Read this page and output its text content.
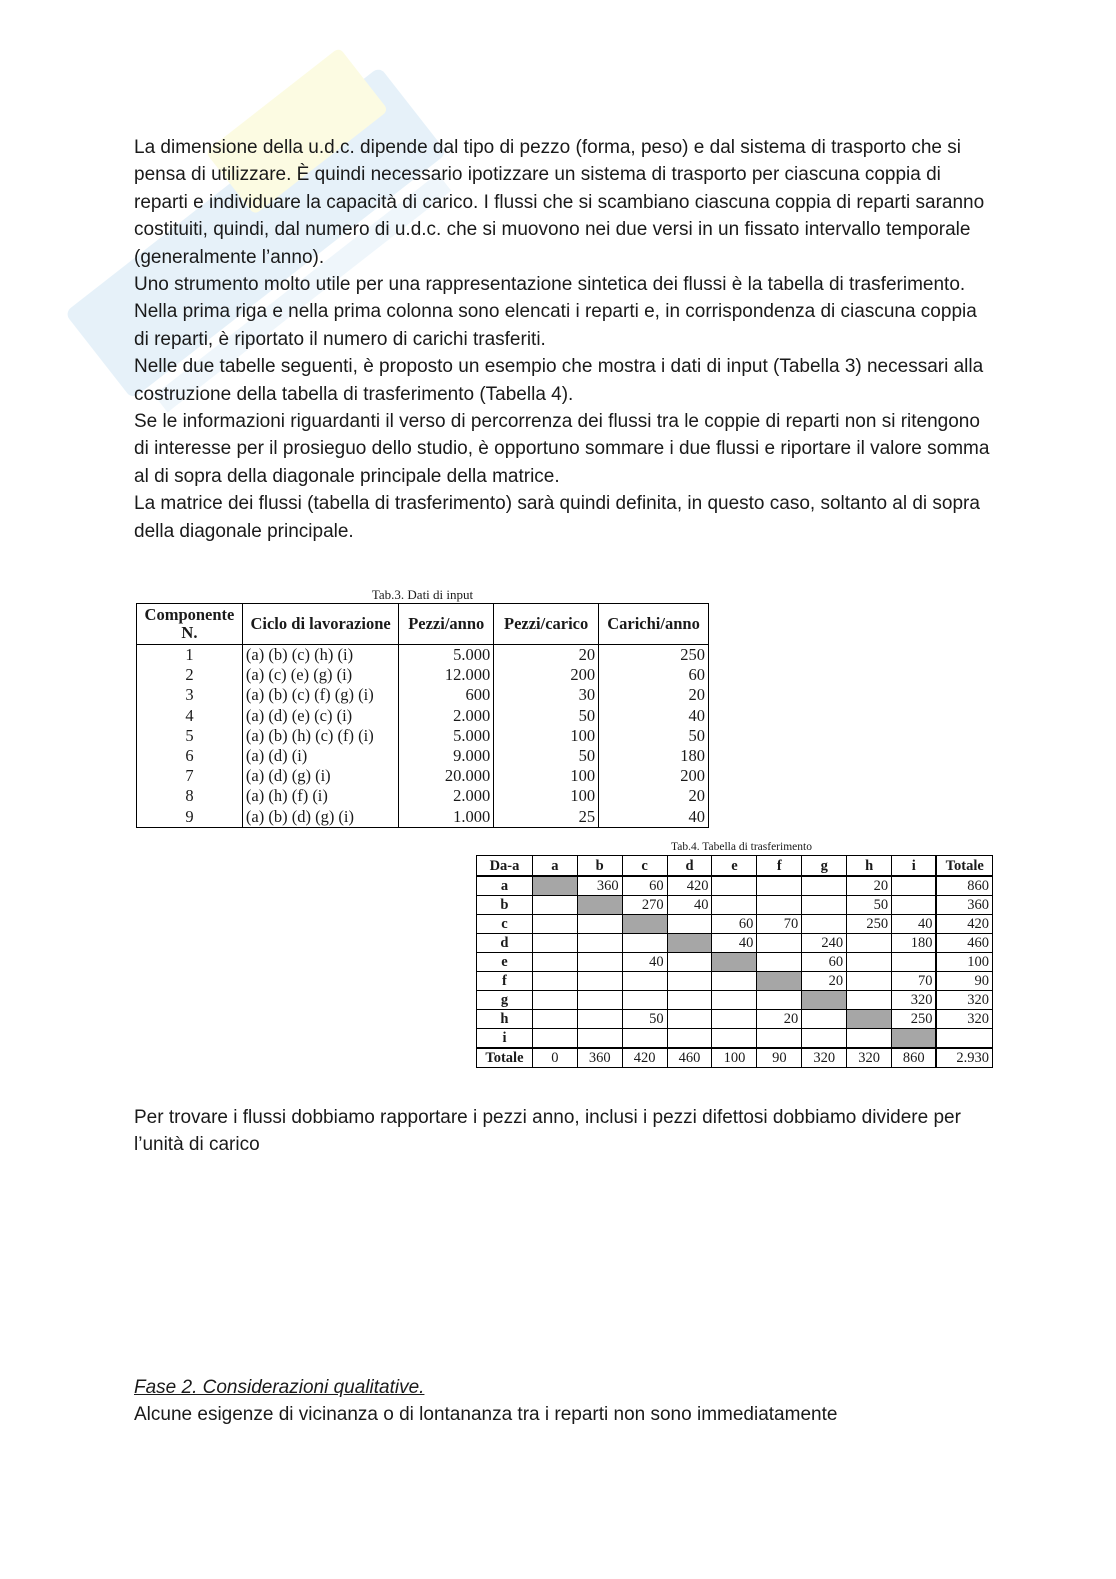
La dimensione della u.d.c. dipende dal tipo di pezzo (forma, peso) e dal sistema di trasporto che si pensa di utilizzare. È quindi necessario ipotizzare un sistema di trasporto per ciascuna coppia di reparti e individuare la capacità di carico. I flussi che si scambiano ciascuna coppia di reparti saranno costituiti, quindi, dal numero di u.d.c. che si muovono nei due versi in un fissato intervallo temporale (generalmente l’anno).

Uno strumento molto utile per una rappresentazione sintetica dei flussi è la tabella di trasferimento.

Nella prima riga e nella prima colonna sono elencati i reparti e, in corrispondenza di ciascuna coppia di reparti, è riportato il numero di carichi trasferiti.

Nelle due tabelle seguenti, è proposto un esempio che mostra i dati di input (Tabella 3) necessari alla costruzione della tabella di trasferimento (Tabella 4).

Se le informazioni riguardanti il verso di percorrenza dei flussi tra le coppie di reparti non si ritengono di interesse per il prosieguo dello studio, è opportuno sommare i due flussi e riportare il valore somma al di sopra della diagonale principale della matrice.

La matrice dei flussi (tabella di trasferimento) sarà quindi definita, in questo caso, soltanto al di sopra della diagonale principale.

Tab.3. Dati di input
Componente N.	Ciclo di lavorazione	Pezzi/anno	Pezzi/carico	Carichi/anno
1	(a) (b) (c) (h) (i)	5.000	20	250
2	(a) (c) (e) (g) (i)	12.000	200	60
3	(a) (b) (c) (f) (g) (i)	600	30	20
4	(a) (d) (e) (c) (i)	2.000	50	40
5	(a) (b) (h) (c) (f) (i)	5.000	100	50
6	(a) (d) (i)	9.000	50	180
7	(a) (d) (g) (i)	20.000	100	200
8	(a) (h) (f) (i)	2.000	100	20
9	(a) (b) (d) (g) (i)	1.000	25	40
Tab.4. Tabella di trasferimento
Da-a	a	b	c	d	e	f	g	h	i	Totale
a		360	60	420				20		860
b			270	40				50		360
c					60	70		250	40	420
d					40		240		180	460
e			40				60			100
f							20		70	90
g									320	320
h			50			20			250	320
i										
Totale	0	360	420	460	100	90	320	320	860	2.930

Per trovare i flussi dobbiamo rapportare i pezzi anno, inclusi i pezzi difettosi dobbiamo dividere per l’unità di carico

Fase 2. Considerazioni qualitative.

Alcune esigenze di vicinanza o di lontananza tra i reparti non sono immediatamente
